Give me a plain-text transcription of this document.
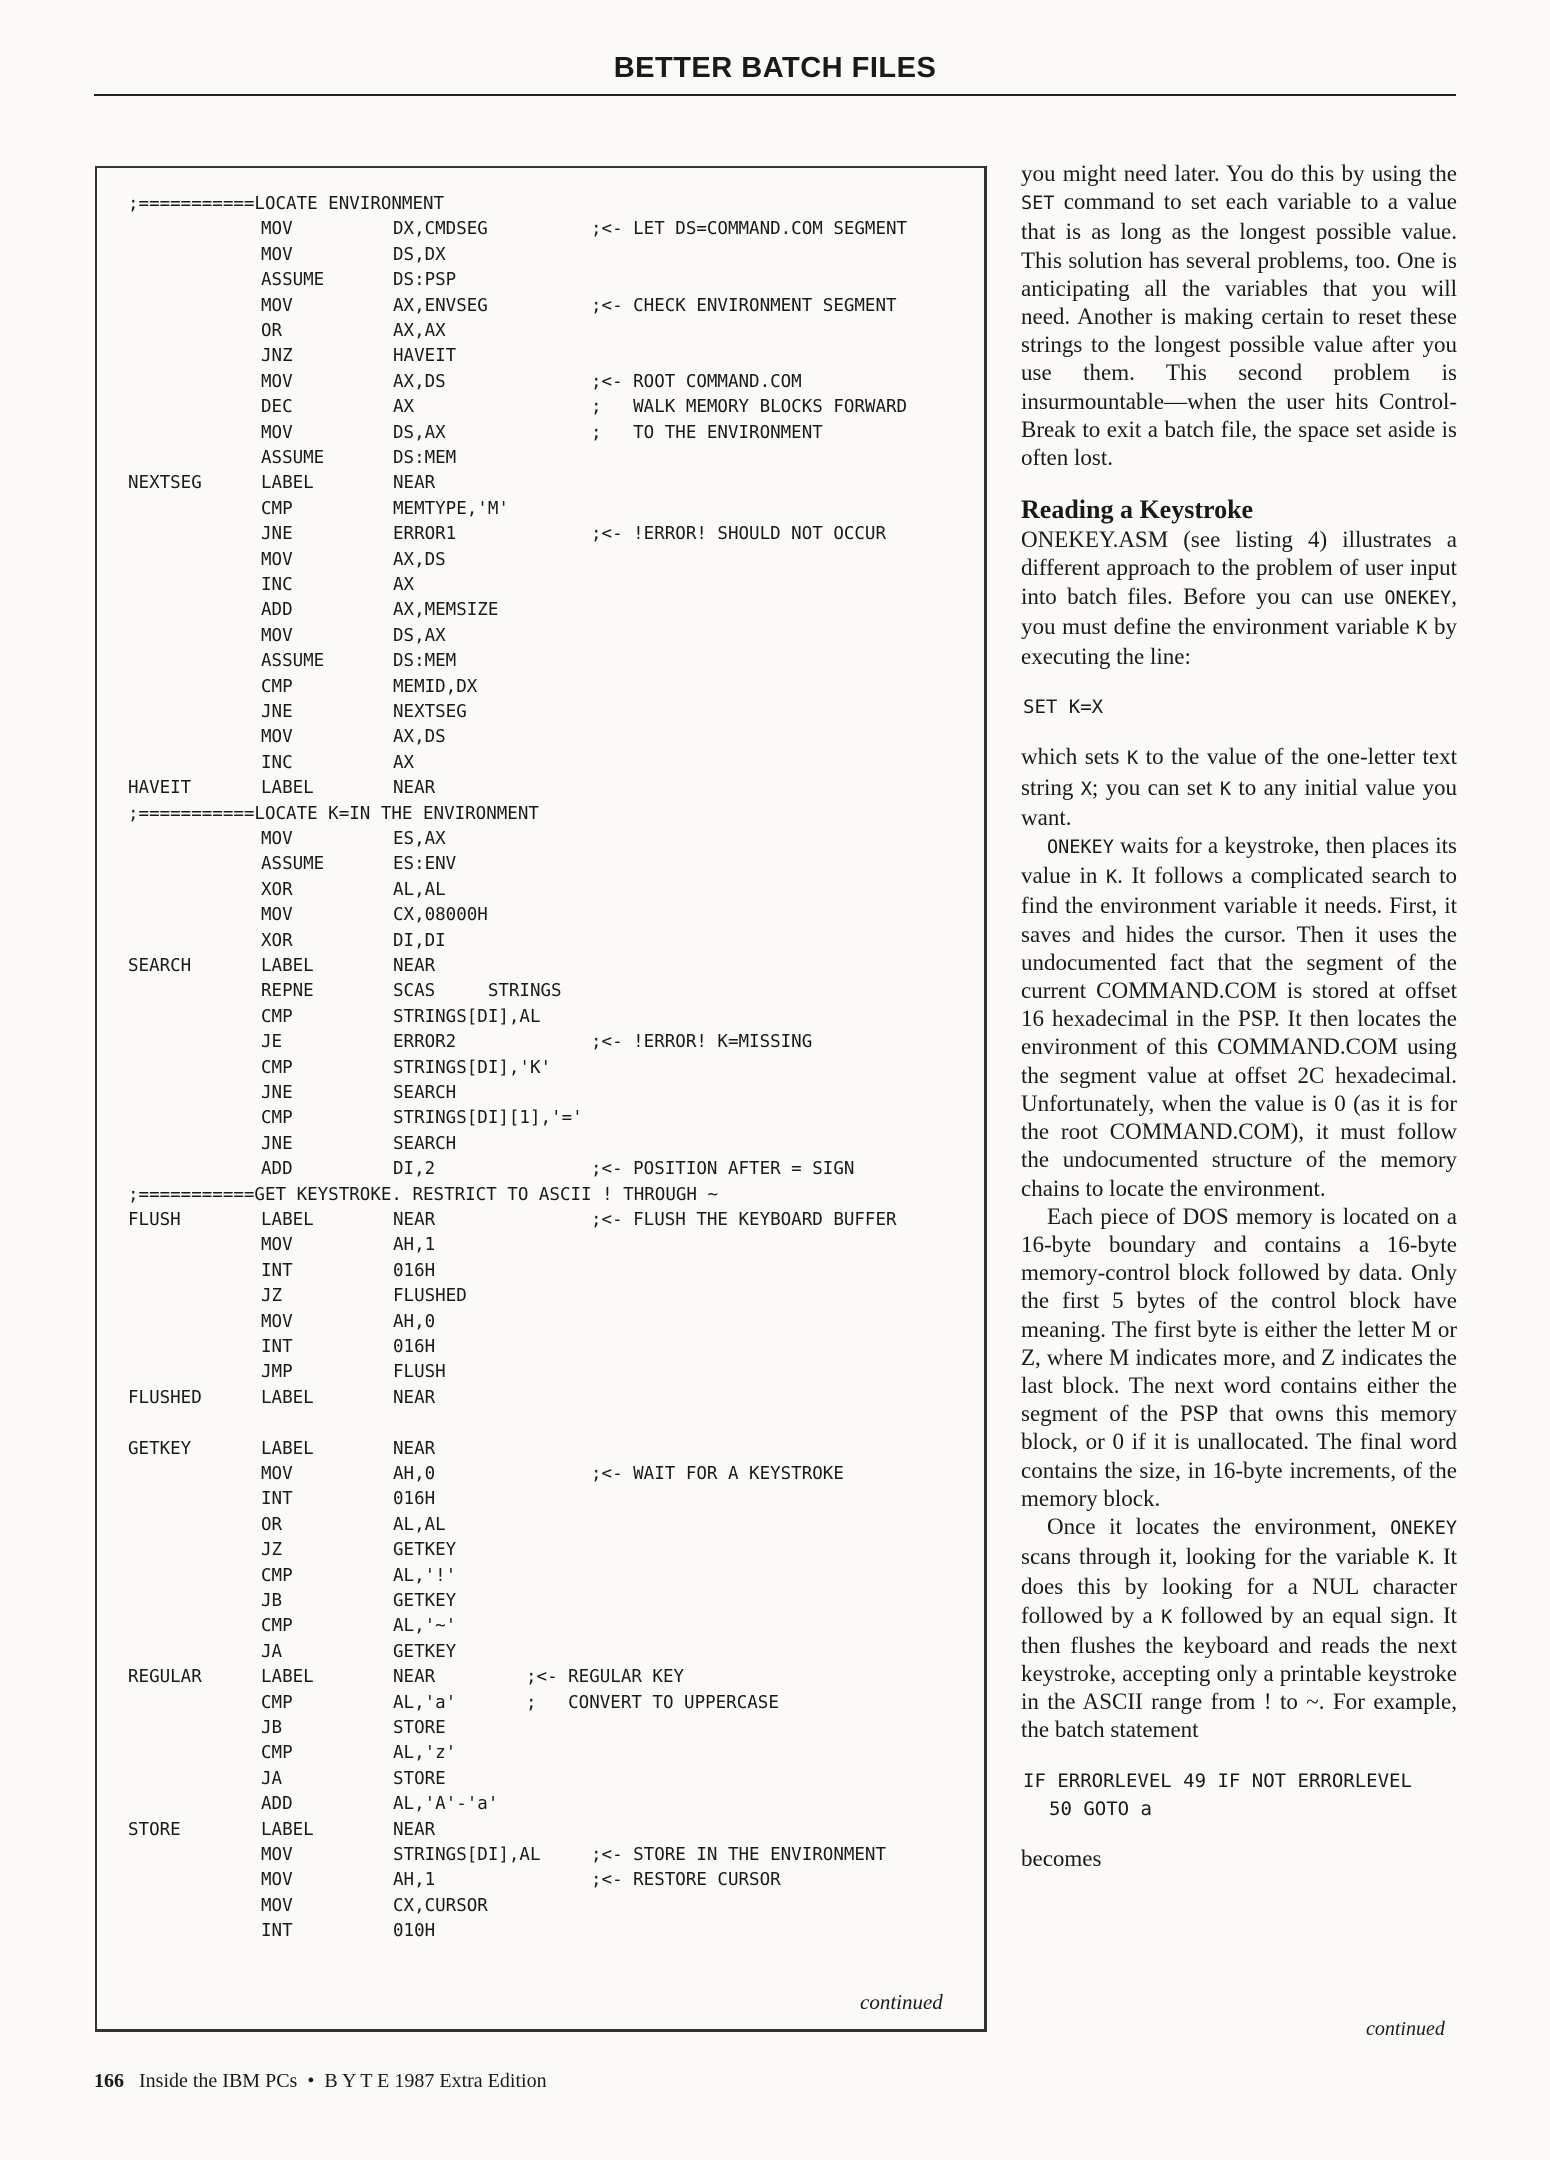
BETTER BATCH FILES
;===========LOCATE ENVIRONMENT
MOV	DX,CMDSEG	;<- LET DS=COMMAND.COM SEGMENT
MOV	DS,DX
ASSUME	DS:PSP
MOV	AX,ENVSEG	;<- CHECK ENVIRONMENT SEGMENT
OR	AX,AX
JNZ	HAVEIT
MOV	AX,DS	;<- ROOT COMMAND.COM
DEC	AX	;   WALK MEMORY BLOCKS FORWARD
MOV	DS,AX	;   TO THE ENVIRONMENT
ASSUME	DS:MEM
NEXTSEG	LABEL	NEAR
CMP	MEMTYPE,'M'
JNE	ERROR1	;<- !ERROR! SHOULD NOT OCCUR
MOV	AX,DS
INC	AX
ADD	AX,MEMSIZE
MOV	DS,AX
ASSUME	DS:MEM
CMP	MEMID,DX
JNE	NEXTSEG
MOV	AX,DS
INC	AX
HAVEIT	LABEL	NEAR
;===========LOCATE K=IN THE ENVIRONMENT
MOV	ES,AX
ASSUME	ES:ENV
XOR	AL,AL
MOV	CX,08000H
XOR	DI,DI
SEARCH	LABEL	NEAR
REPNE	SCAS     STRINGS
CMP	STRINGS[DI],AL
JE	ERROR2	;<- !ERROR! K=MISSING
CMP	STRINGS[DI],'K'
JNE	SEARCH
CMP	STRINGS[DI][1],'='
JNE	SEARCH
ADD	DI,2	;<- POSITION AFTER = SIGN
;===========GET KEYSTROKE. RESTRICT TO ASCII ! THROUGH ~
FLUSH	LABEL	NEAR	;<- FLUSH THE KEYBOARD BUFFER
MOV	AH,1
INT	016H
JZ	FLUSHED
MOV	AH,0
INT	016H
JMP	FLUSH
FLUSHED	LABEL	NEAR
GETKEY	LABEL	NEAR
MOV	AH,0	;<- WAIT FOR A KEYSTROKE
INT	016H
OR	AL,AL
JZ	GETKEY
CMP	AL,'!'
JB	GETKEY
CMP	AL,'~'
JA	GETKEY
REGULAR	LABEL	NEAR	;<- REGULAR KEY
CMP	AL,'a'	;   CONVERT TO UPPERCASE
JB	STORE
CMP	AL,'z'
JA	STORE
ADD	AL,'A'-'a'
STORE	LABEL	NEAR
MOV	STRINGS[DI],AL	;<- STORE IN THE ENVIRONMENT
MOV	AH,1	;<- RESTORE CURSOR
MOV	CX,CURSOR
INT	010H
continued

you might need later. You do this by using the SET command to set each variable to a value that is as long as the longest possible value. This solution has several problems, too. One is anticipating all the variables that you will need. Another is making certain to reset these strings to the longest possible value after you use them. This second problem is insurmountable—when the user hits Control-Break to exit a batch file, the space set aside is often lost.

Reading a Keystroke

ONEKEY.ASM (see listing 4) illustrates a different approach to the problem of user input into batch files. Before you can use ONEKEY, you must define the environment variable K by executing the line:

SET K=X

which sets K to the value of the one-letter text string X; you can set K to any initial value you want.

ONEKEY waits for a keystroke, then places its value in K. It follows a complicated search to find the environment variable it needs. First, it saves and hides the cursor. Then it uses the undocumented fact that the segment of the current COMMAND.COM is stored at offset 16 hexadecimal in the PSP. It then locates the environment of this COMMAND.COM using the segment value at offset 2C hexadecimal. Unfortunately, when the value is 0 (as it is for the root COMMAND.COM), it must follow the undocumented structure of the memory chains to locate the environment.

Each piece of DOS memory is located on a 16-byte boundary and contains a 16-byte memory-control block followed by data. Only the first 5 bytes of the control block have meaning. The first byte is either the letter M or Z, where M indicates more, and Z indicates the last block. The next word contains either the segment of the PSP that owns this memory block, or 0 if it is unallocated. The final word contains the size, in 16-byte increments, of the memory block.

Once it locates the environment, ONEKEY scans through it, looking for the variable K. It does this by looking for a NUL character followed by a K followed by an equal sign. It then flushes the keyboard and reads the next keystroke, accepting only a printable keystroke in the ASCII range from ! to ~. For example, the batch statement

IF ERRORLEVEL 49 IF NOT ERRORLEVEL
50 GOTO a

becomes

continued
166 Inside the IBM PCs • B Y T E 1987 Extra Edition
